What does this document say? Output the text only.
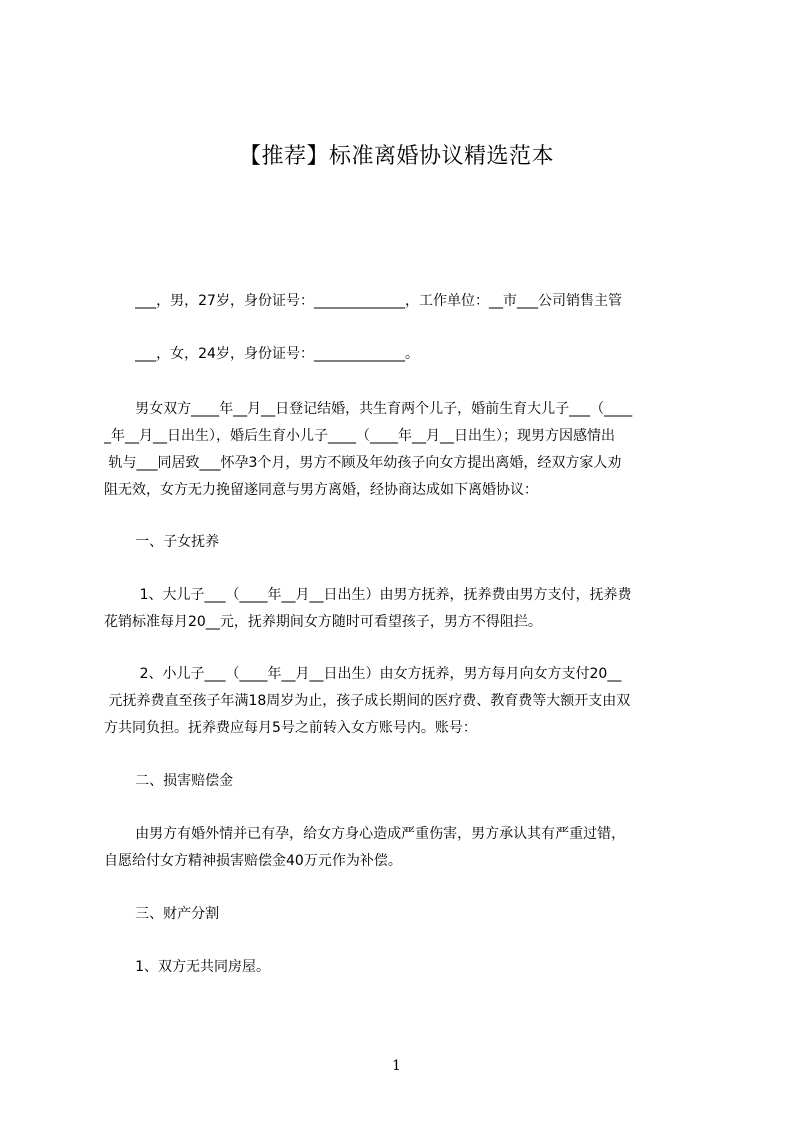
【推荐】标准离婚协议精选范本
___，男，27岁，身份证号：_____________，工作单位：__市___公司销售主管
___，女，24岁，身份证号：_____________。
男女双方____年__月__日登记结婚，共生育两个儿子，婚前生育大儿子___（____
_年__月__日出生），婚后生育小儿子____（____年__月__日出生）；现男方因感情出
轨与___同居致___怀孕3个月，男方不顾及年幼孩子向女方提出离婚，经双方家人劝
阻无效，女方无力挽留遂同意与男方离婚，经协商达成如下离婚协议：
一、子女抚养
1、大儿子___（____年__月__日出生）由男方抚养，抚养费由男方支付，抚养费
花销标准每月20__元，抚养期间女方随时可看望孩子，男方不得阻拦。
2、小儿子___（____年__月__日出生）由女方抚养，男方每月向女方支付20__
元抚养费直至孩子年满18周岁为止，孩子成长期间的医疗费、教育费等大额开支由双
方共同负担。抚养费应每月5号之前转入女方账号内。账号：
二、损害赔偿金
由男方有婚外情并已有孕，给女方身心造成严重伤害，男方承认其有严重过错，
自愿给付女方精神损害赔偿金40万元作为补偿。
三、财产分割
1、双方无共同房屋。
1
